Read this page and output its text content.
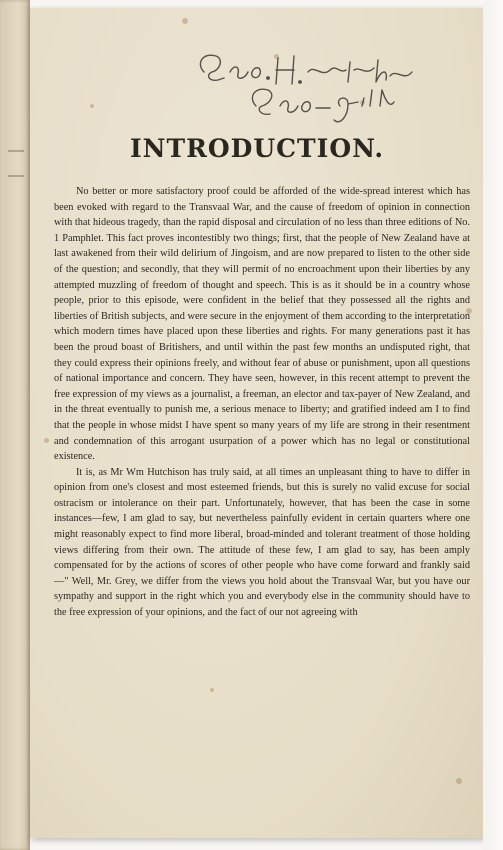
INTRODUCTION.

No better or more satisfactory proof could be afforded of the wide-spread interest which has been evoked with regard to the Transvaal War, and the cause of freedom of opinion in connection with that hideous tragedy, than the rapid disposal and circulation of no less than three editions of No. 1 Pamphlet. This fact proves incontestibly two things; first, that the people of New Zealand have at last awakened from their wild delirium of Jingoism, and are now prepared to listen to the other side of the question; and secondly, that they will permit of no encroachment upon their liberties by any attempted muzzling of freedom of thought and speech. This is as it should be in a country whose people, prior to this episode, were confident in the belief that they possessed all the rights and liberties of British subjects, and were secure in the enjoyment of them according to the interpretation which modern times have placed upon these liberties and rights. For many generations past it has been the proud boast of Britishers, and until within the past few months an undisputed right, that they could express their opinions freely, and without fear of abuse or punishment, upon all questions of national importance and concern. They have seen, however, in this recent attempt to prevent the free expression of my views as a journalist, a freeman, an elector and tax-payer of New Zealand, and in the threat eventually to punish me, a serious menace to liberty; and gratified indeed am I to find that the people in whose midst I have spent so many years of my life are strong in their resentment and condemnation of this arrogant usurpation of a power which has no legal or constitutional existence.

It is, as Mr Wm Hutchison has truly said, at all times an unpleasant thing to have to differ in opinion from one's closest and most esteemed friends, but this is surely no valid excuse for social ostracism or intolerance on their part. Unfortunately, however, that has been the case in some instances—few, I am glad to say, but nevertheless painfully evident in certain quarters where one might reasonably expect to find more liberal, broad-minded and tolerant treatment of those holding views differing from their own. The attitude of these few, I am glad to say, has been amply compensated for by the actions of scores of other people who have come forward and frankly said—" Well, Mr. Grey, we differ from the views you hold about the Transvaal War, but you have our sympathy and support in the right which you and everybody else in the community should have to the free expression of your opinions, and the fact of our not agreeing with
